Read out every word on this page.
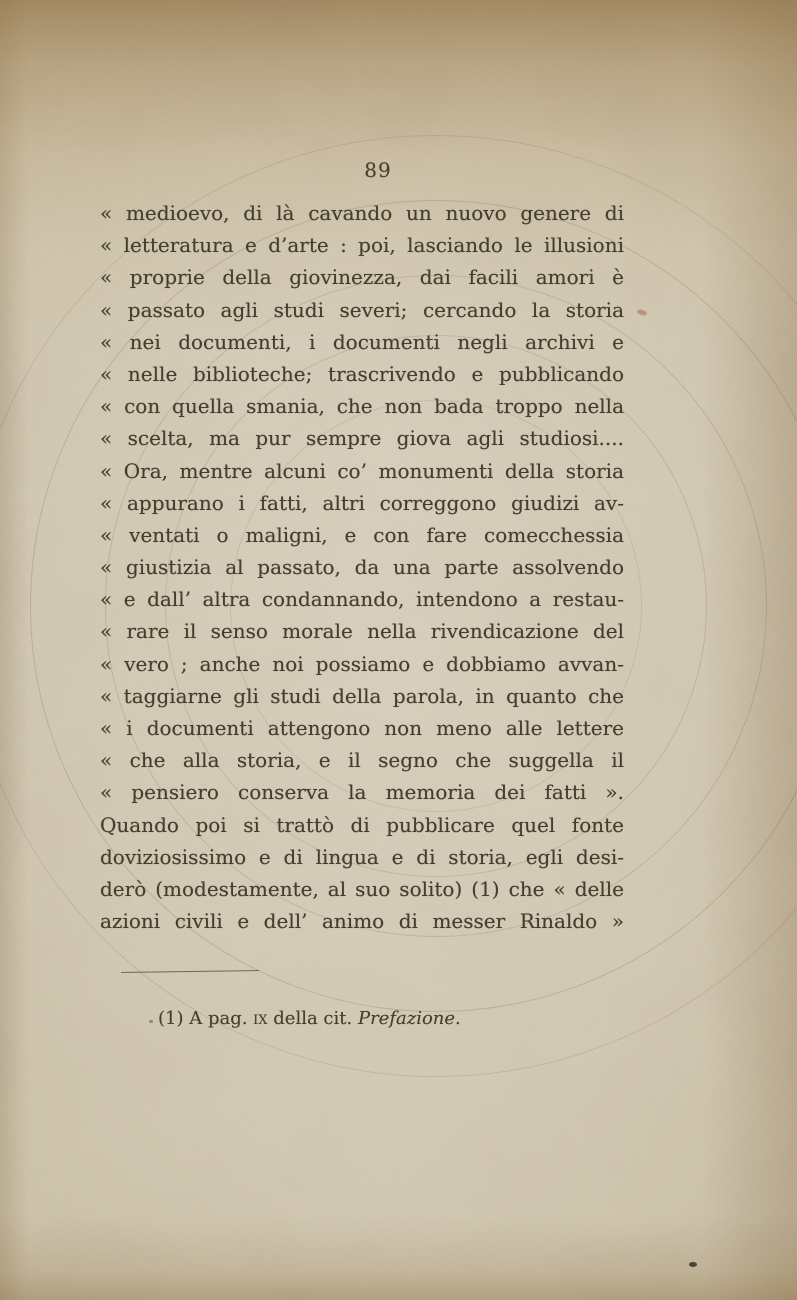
89
« medioevo, di là cavando un nuovo genere di
« letteratura e d’arte : poi, lasciando le illusioni
« proprie della giovinezza, dai facili amori è
« passato agli studi severi; cercando la storia
« nei documenti, i documenti negli archivi e
« nelle biblioteche; trascrivendo e pubblicando
« con quella smania, che non bada troppo nella
« scelta, ma pur sempre giova agli studiosi....
« Ora, mentre alcuni co’ monumenti della storia
« appurano i fatti, altri correggono giudizi av-
« ventati o maligni, e con fare comecchessia
« giustizia al passato, da una parte assolvendo
« e dall’ altra condannando, intendono a restau-
« rare il senso morale nella rivendicazione del
« vero ; anche noi possiamo e dobbiamo avvan-
« taggiarne gli studi della parola, in quanto che
« i documenti attengono non meno alle lettere
« che alla storia, e il segno che suggella il
« pensiero conserva la memoria dei fatti ».
Quando poi si trattò di pubblicare quel fonte
doviziosissimo e di lingua e di storia, egli desi-
derò (modestamente, al suo solito) (1) che « delle
azioni civili e dell’ animo di messer Rinaldo »
(1) A pag. ix della cit. Prefazione.
